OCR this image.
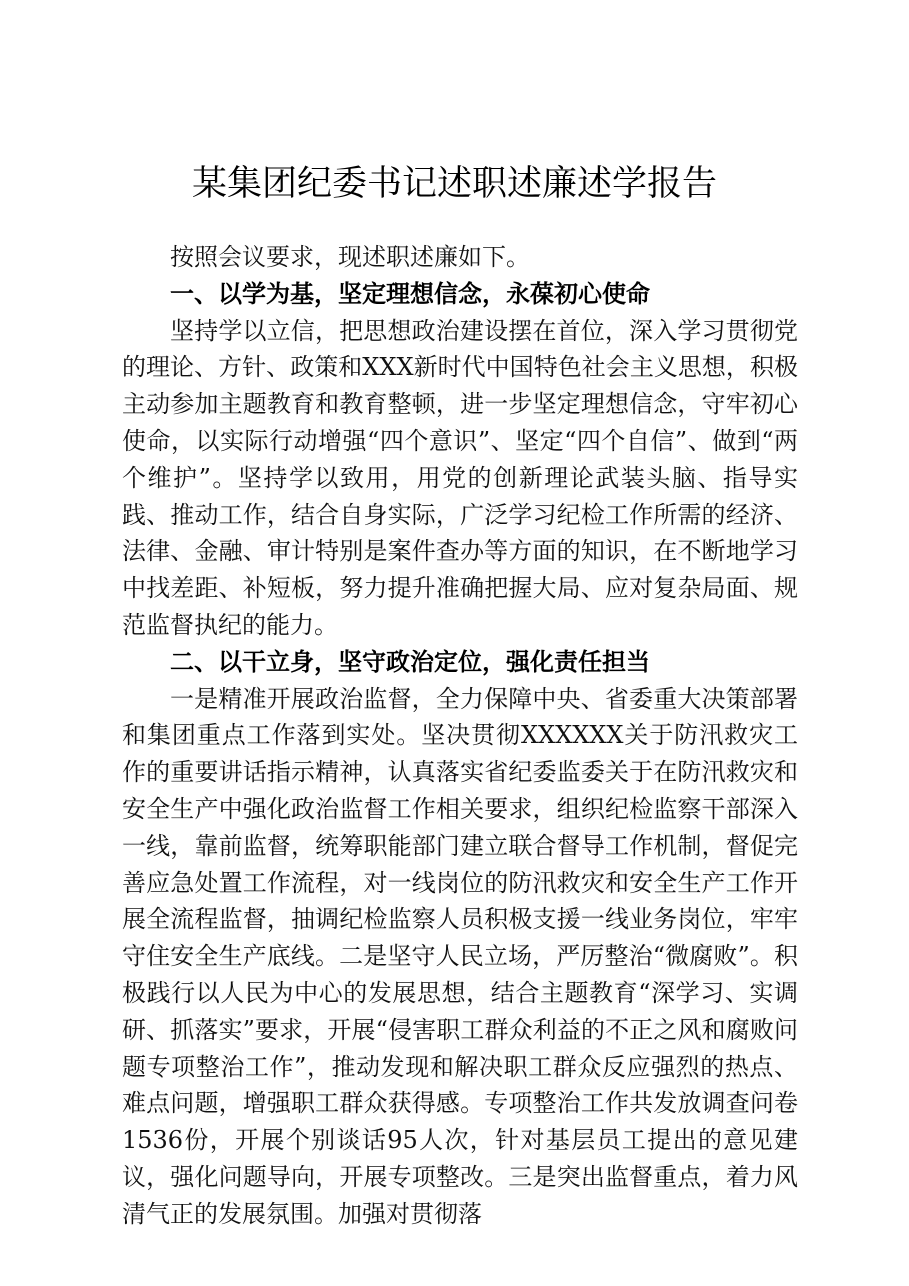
某集团纪委书记述职述廉述学报告

按照会议要求，现述职述廉如下。

一、以学为基，坚定理想信念，永葆初心使命

坚持学以立信，把思想政治建设摆在首位，深入学习贯彻党的理论、方针、政策和XXX新时代中国特色社会主义思想，积极主动参加主题教育和教育整顿，进一步坚定理想信念，守牢初心使命，以实际行动增强“四个意识”、坚定“四个自信”、做到“两个维护”。坚持学以致用，用党的创新理论武装头脑、指导实践、推动工作，结合自身实际，广泛学习纪检工作所需的经济、法律、金融、审计特别是案件查办等方面的知识，在不断地学习中找差距、补短板，努力提升准确把握大局、应对复杂局面、规范监督执纪的能力。

二、以干立身，坚守政治定位，强化责任担当

一是精准开展政治监督，全力保障中央、省委重大决策部署和集团重点工作落到实处。坚决贯彻XXXXXX关于防汛救灾工作的重要讲话指示精神，认真落实省纪委监委关于在防汛救灾和安全生产中强化政治监督工作相关要求，组织纪检监察干部深入一线，靠前监督，统筹职能部门建立联合督导工作机制，督促完善应急处置工作流程，对一线岗位的防汛救灾和安全生产工作开展全流程监督，抽调纪检监察人员积极支援一线业务岗位，牢牢守住安全生产底线。二是坚守人民立场，严厉整治“微腐败”。积极践行以人民为中心的发展思想，结合主题教育“深学习、实调研、抓落实”要求，开展“侵害职工群众利益的不正之风和腐败问题专项整治工作”，推动发现和解决职工群众反应强烈的热点、难点问题，增强职工群众获得感。专项整治工作共发放调查问卷1536份，开展个别谈话95人次，针对基层员工提出的意见建议，强化问题导向，开展专项整改。三是突出监督重点，着力风清气正的发展氛围。加强对贯彻落
